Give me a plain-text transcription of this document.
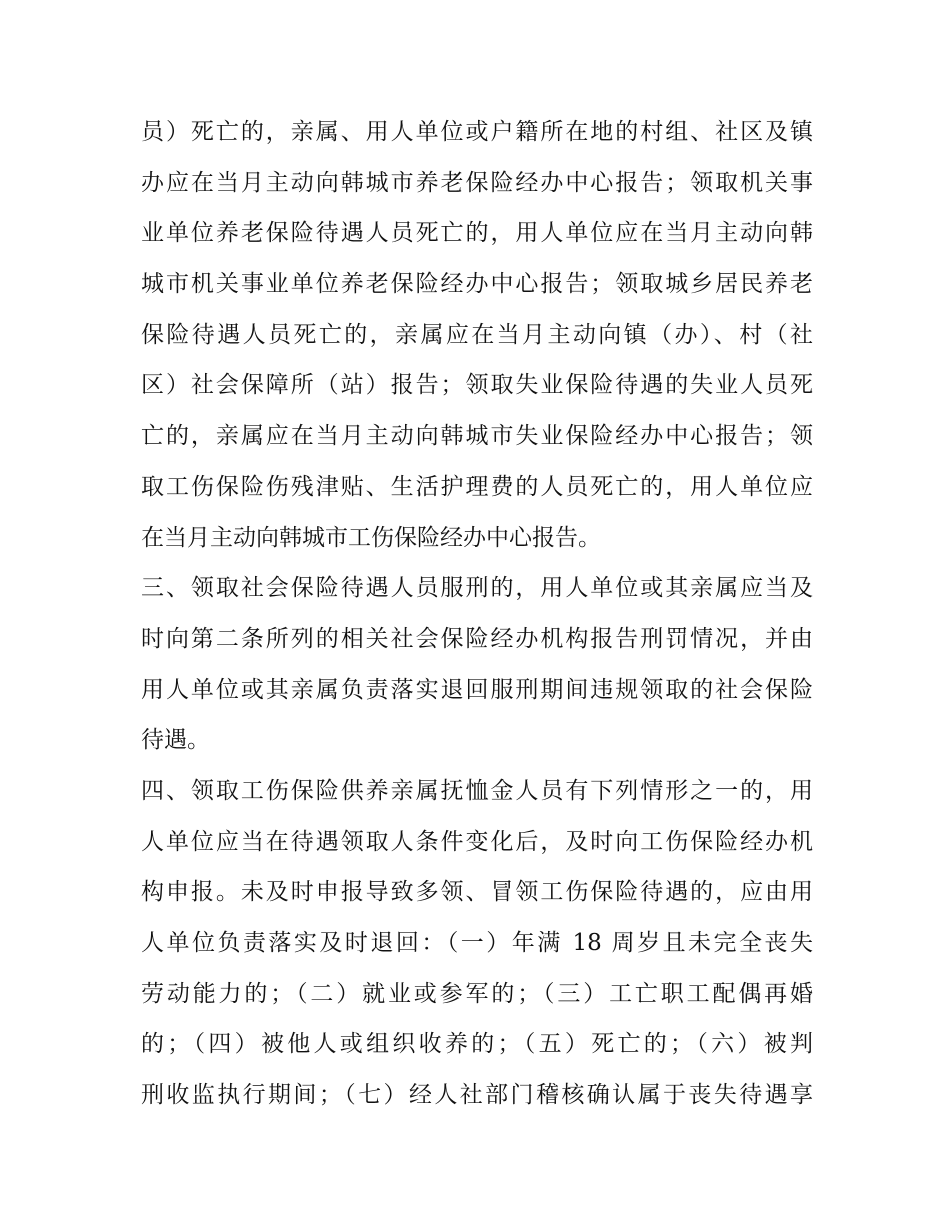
员）死亡的，亲属、用人单位或户籍所在地的村组、社区及镇
办应在当月主动向韩城市养老保险经办中心报告；领取机关事
业单位养老保险待遇人员死亡的，用人单位应在当月主动向韩
城市机关事业单位养老保险经办中心报告；领取城乡居民养老
保险待遇人员死亡的，亲属应在当月主动向镇（办）、村（社
区）社会保障所（站）报告；领取失业保险待遇的失业人员死
亡的，亲属应在当月主动向韩城市失业保险经办中心报告；领
取工伤保险伤残津贴、生活护理费的人员死亡的，用人单位应
在当月主动向韩城市工伤保险经办中心报告。
三、领取社会保险待遇人员服刑的，用人单位或其亲属应当及
时向第二条所列的相关社会保险经办机构报告刑罚情况，并由
用人单位或其亲属负责落实退回服刑期间违规领取的社会保险
待遇。
四、领取工伤保险供养亲属抚恤金人员有下列情形之一的，用
人单位应当在待遇领取人条件变化后，及时向工伤保险经办机
构申报。未及时申报导致多领、冒领工伤保险待遇的，应由用
人单位负责落实及时退回：（一）年满 18 周岁且未完全丧失
劳动能力的；（二）就业或参军的；（三）工亡职工配偶再婚
的；（四）被他人或组织收养的；（五）死亡的；（六）被判
刑收监执行期间；（七）经人社部门稽核确认属于丧失待遇享
